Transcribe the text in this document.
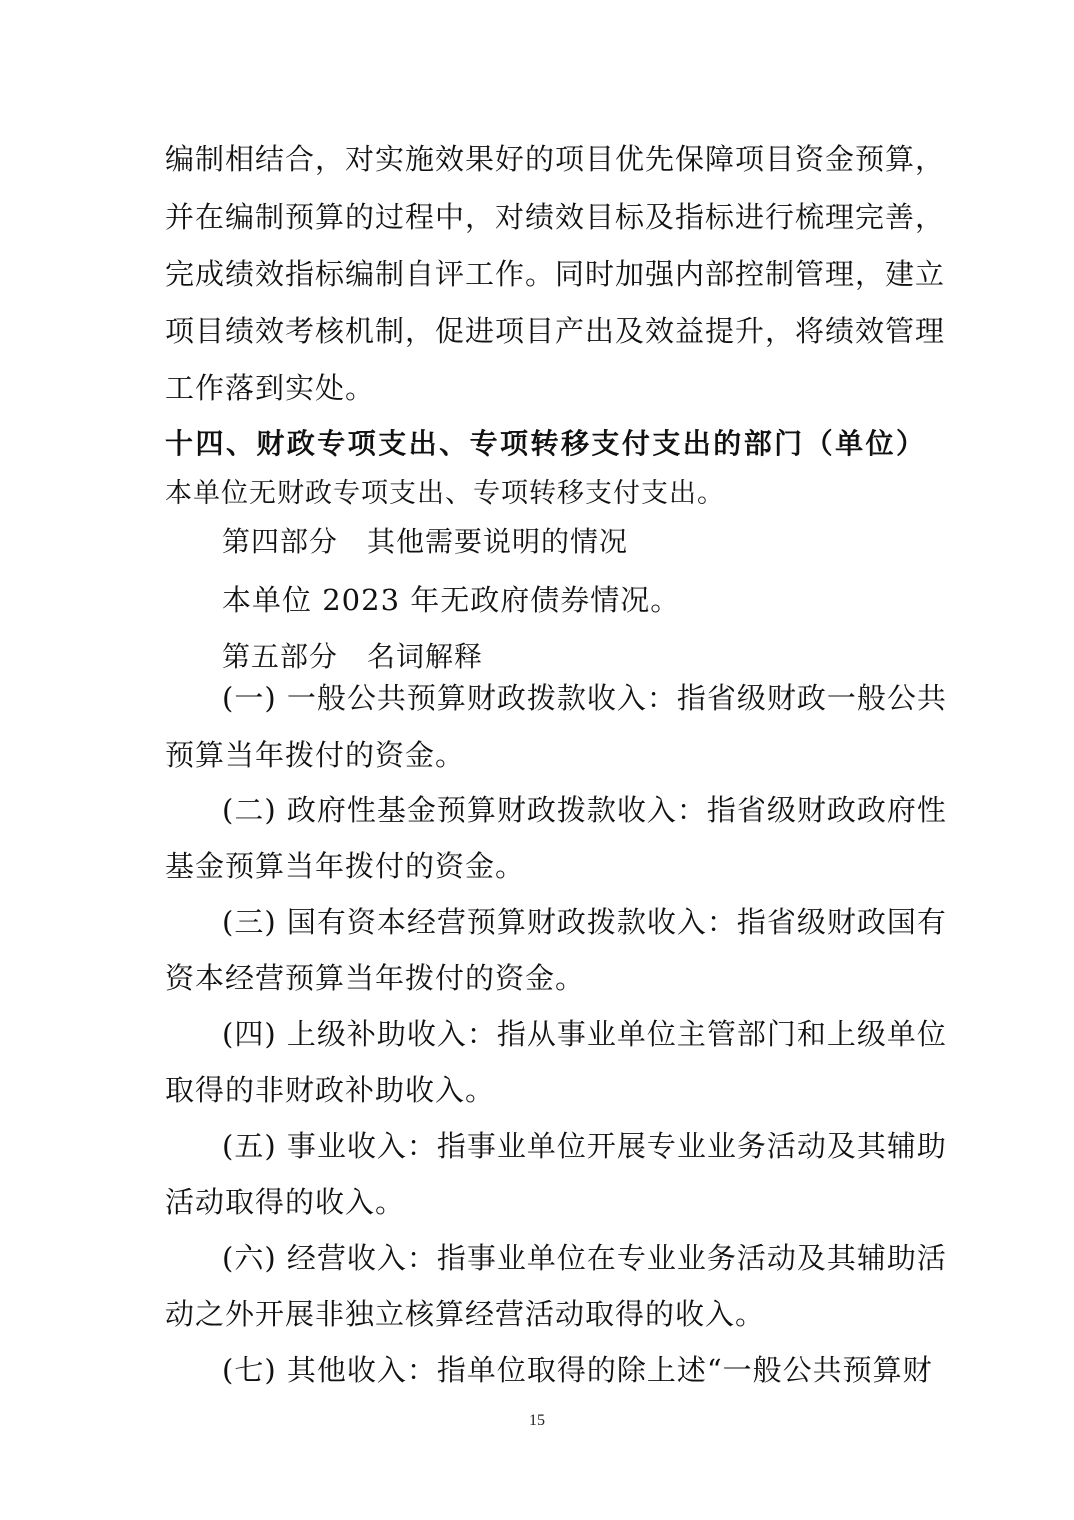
编制相结合，对实施效果好的项目优先保障项目资金预算，
并在编制预算的过程中，对绩效目标及指标进行梳理完善，
完成绩效指标编制自评工作。同时加强内部控制管理，建立
项目绩效考核机制，促进项目产出及效益提升，将绩效管理
工作落到实处。
十四、财政专项支出、专项转移支付支出的部门（单位）
本单位无财政专项支出、专项转移支付支出。
第四部分　其他需要说明的情况
本单位 2023 年无政府债券情况。
第五部分　名词解释
(一) 一般公共预算财政拨款收入：指省级财政一般公共
预算当年拨付的资金。
(二) 政府性基金预算财政拨款收入：指省级财政政府性
基金预算当年拨付的资金。
(三) 国有资本经营预算财政拨款收入：指省级财政国有
资本经营预算当年拨付的资金。
(四) 上级补助收入：指从事业单位主管部门和上级单位
取得的非财政补助收入。
(五) 事业收入：指事业单位开展专业业务活动及其辅助
活动取得的收入。
(六) 经营收入：指事业单位在专业业务活动及其辅助活
动之外开展非独立核算经营活动取得的收入。
(七) 其他收入：指单位取得的除上述“一般公共预算财
15
